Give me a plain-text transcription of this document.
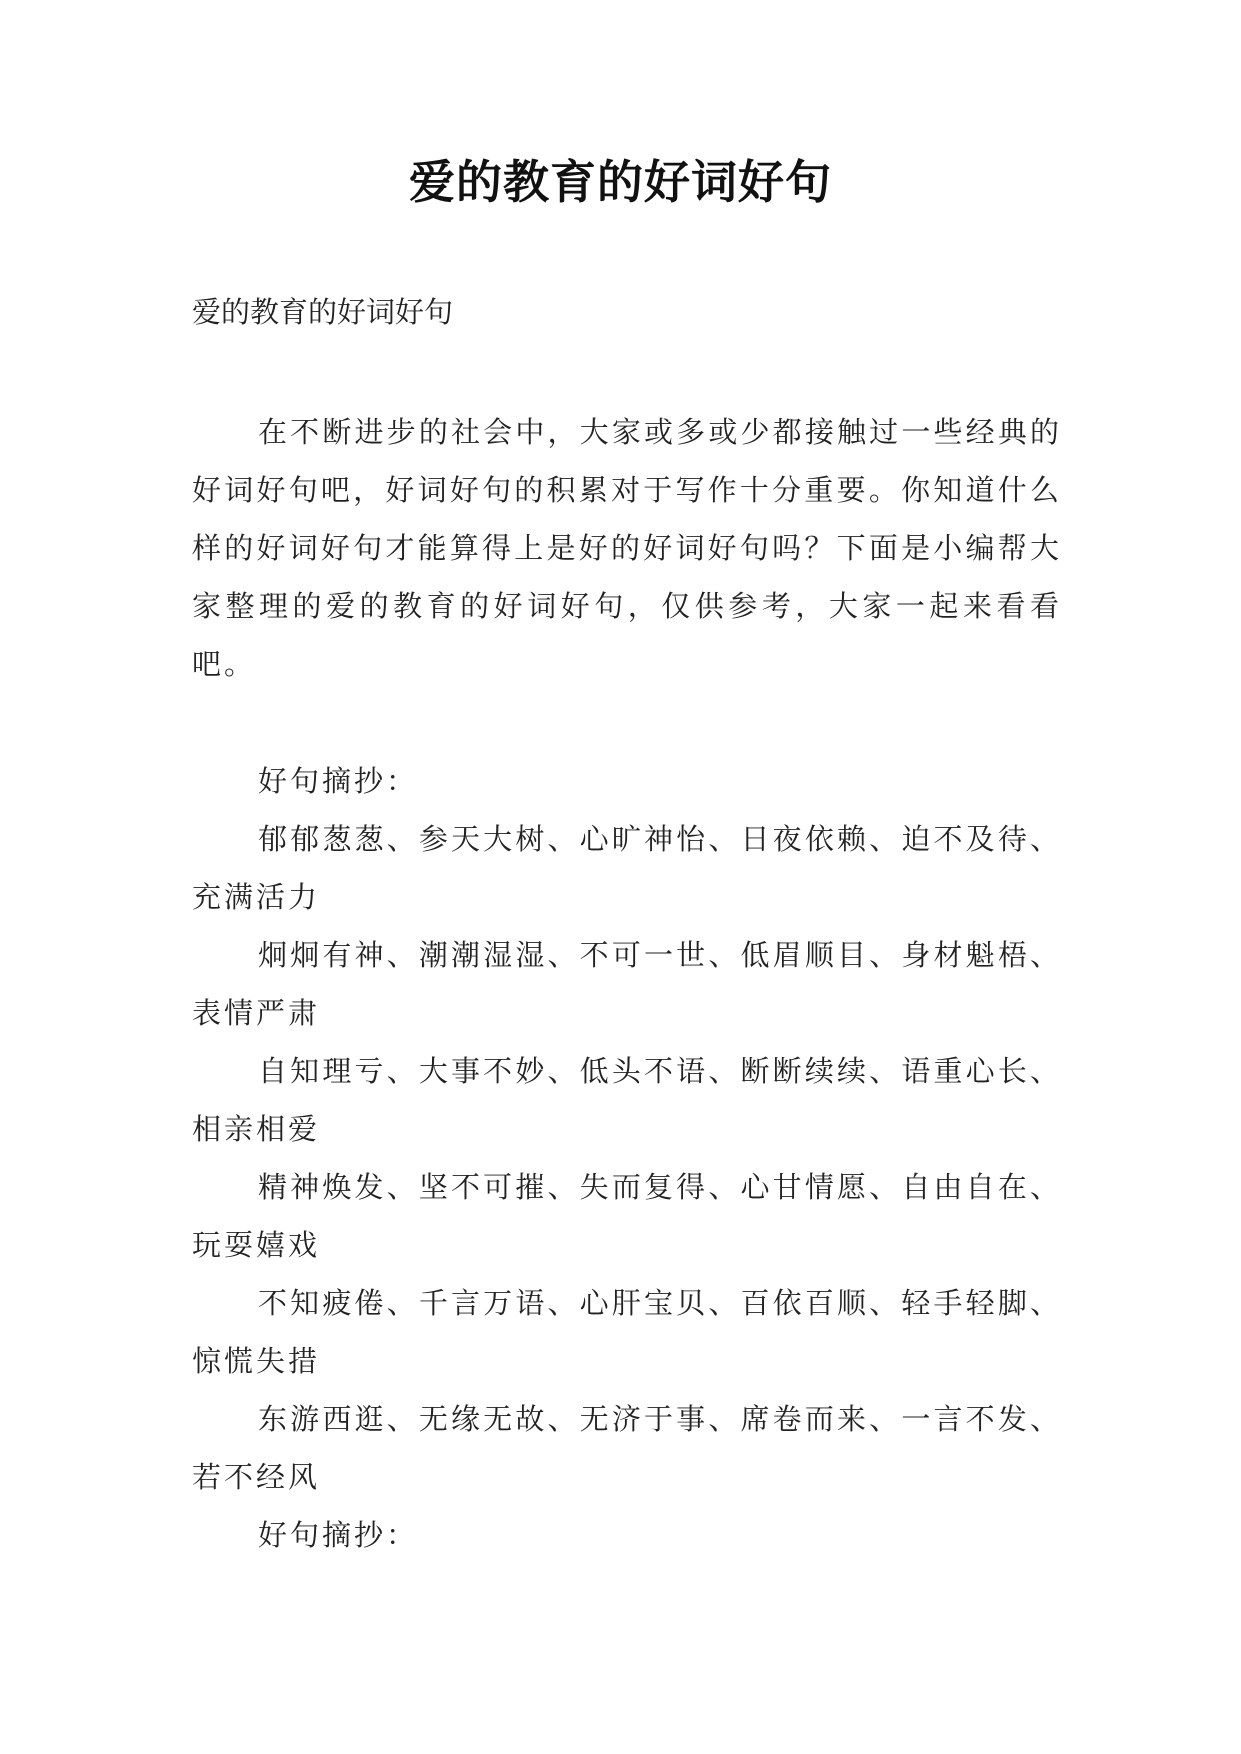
爱的教育的好词好句
爱的教育的好词好句
在不断进步的社会中，大家或多或少都接触过一些经典的好词好句吧，好词好句的积累对于写作十分重要。你知道什么样的好词好句才能算得上是好的好词好句吗？下面是小编帮大家整理的爱的教育的好词好句，仅供参考，大家一起来看看吧。

好句摘抄：

郁郁葱葱、参天大树、心旷神怡、日夜依赖、迫不及待、充满活力

炯炯有神、潮潮湿湿、不可一世、低眉顺目、身材魁梧、表情严肃

自知理亏、大事不妙、低头不语、断断续续、语重心长、相亲相爱

精神焕发、坚不可摧、失而复得、心甘情愿、自由自在、玩耍嬉戏

不知疲倦、千言万语、心肝宝贝、百依百顺、轻手轻脚、惊慌失措

东游西逛、无缘无故、无济于事、席卷而来、一言不发、若不经风

好句摘抄：
